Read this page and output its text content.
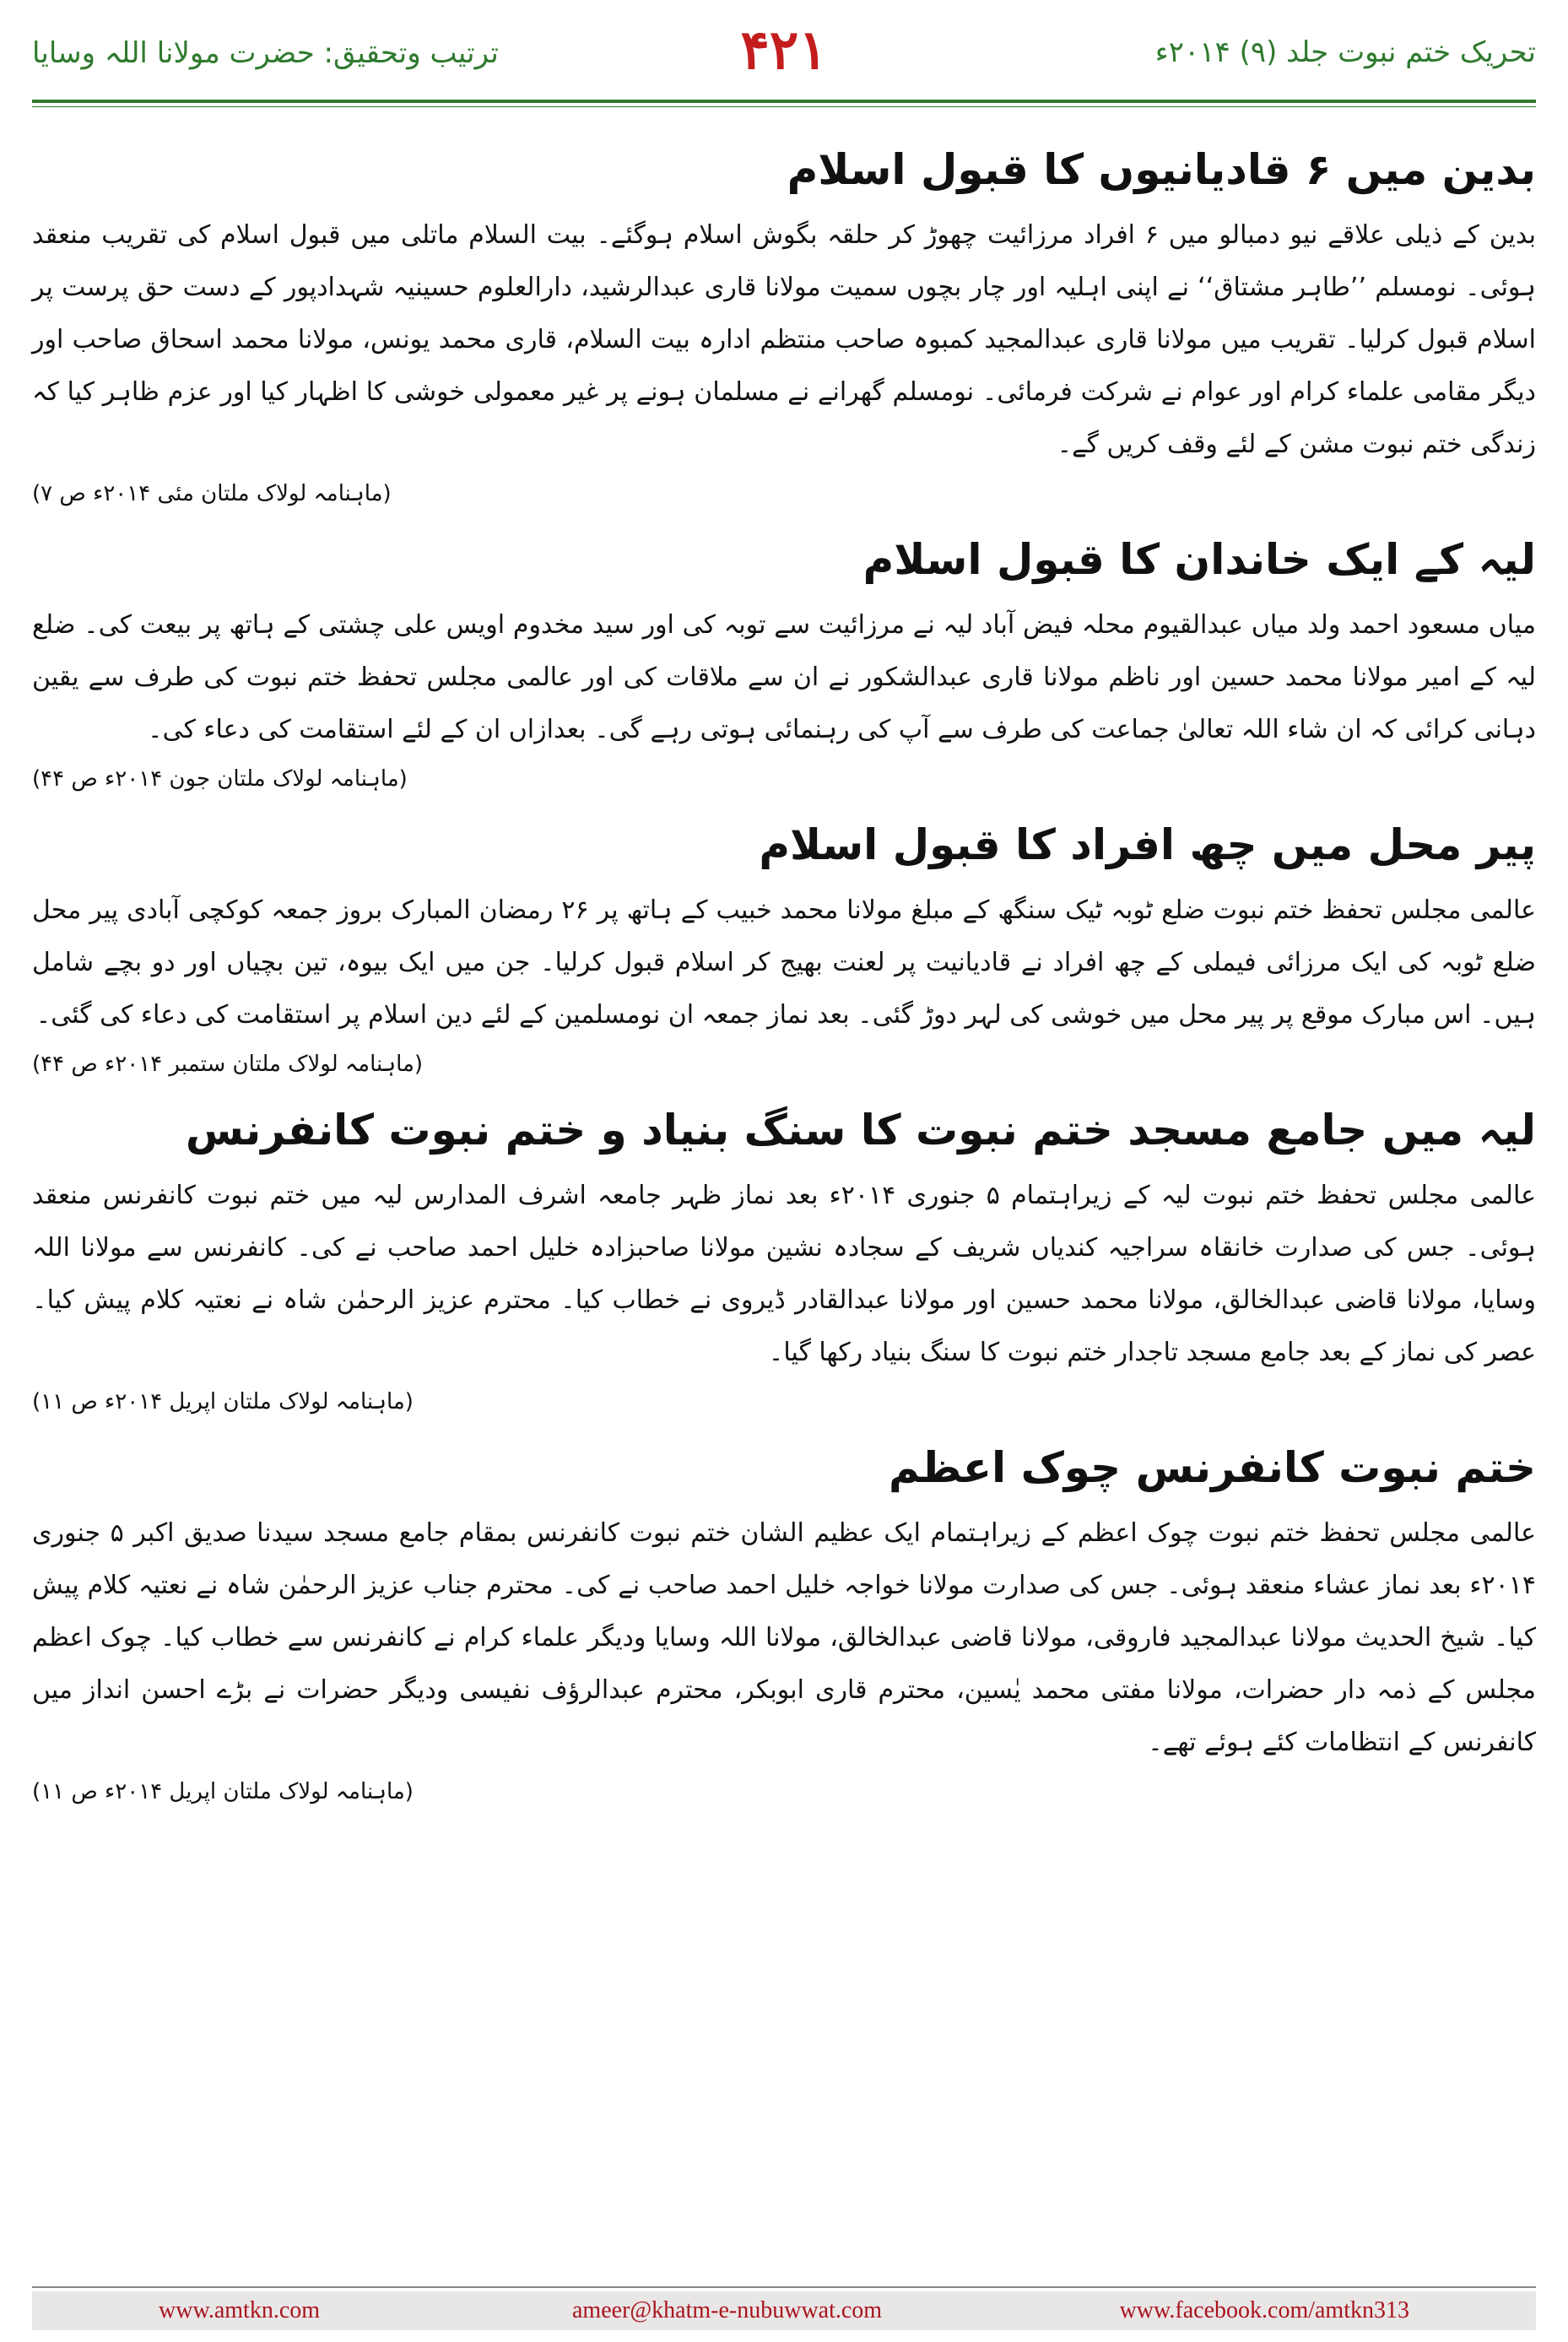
تحریک ختم نبوت جلد (۹) ۲۰۱۴ء
۴۲۱
ترتیب وتحقیق: حضرت مولانا اللہ وسایا
بدین میں ۶ قادیانیوں کا قبول اسلام

بدین کے ذیلی علاقے نیو دمبالو میں ۶ افراد مرزائیت چھوڑ کر حلقہ بگوش اسلام ہوگئے۔ بیت السلام ماتلی میں قبول اسلام کی تقریب منعقد ہوئی۔ نومسلم ’’طاہر مشتاق‘‘ نے اپنی اہلیہ اور چار بچوں سمیت مولانا قاری عبدالرشید، دارالعلوم حسینیہ شہدادپور کے دست حق پرست پر اسلام قبول کرلیا۔ تقریب میں مولانا قاری عبدالمجید کمبوہ صاحب منتظم ادارہ بیت السلام، قاری محمد یونس، مولانا محمد اسحاق صاحب اور دیگر مقامی علماء کرام اور عوام نے شرکت فرمائی۔ نومسلم گھرانے نے مسلمان ہونے پر غیر معمولی خوشی کا اظہار کیا اور عزم ظاہر کیا کہ زندگی ختم نبوت مشن کے لئے وقف کریں گے۔

(ماہنامہ لولاک ملتان مئی ۲۰۱۴ء ص ۷)
لیہ کے ایک خاندان کا قبول اسلام

میاں مسعود احمد ولد میاں عبدالقیوم محلہ فیض آباد لیہ نے مرزائیت سے توبہ کی اور سید مخدوم اویس علی چشتی کے ہاتھ پر بیعت کی۔ ضلع لیہ کے امیر مولانا محمد حسین اور ناظم مولانا قاری عبدالشکور نے ان سے ملاقات کی اور عالمی مجلس تحفظ ختم نبوت کی طرف سے یقین دہانی کرائی کہ ان شاء اللہ تعالیٰ جماعت کی طرف سے آپ کی رہنمائی ہوتی رہے گی۔ بعدازاں ان کے لئے استقامت کی دعاء کی۔

(ماہنامہ لولاک ملتان جون ۲۰۱۴ء ص ۴۴)
پیر محل میں چھ افراد کا قبول اسلام

عالمی مجلس تحفظ ختم نبوت ضلع ٹوبہ ٹیک سنگھ کے مبلغ مولانا محمد خبیب کے ہاتھ پر ۲۶ رمضان المبارک بروز جمعہ کوکچی آبادی پیر محل ضلع ٹوبہ کی ایک مرزائی فیملی کے چھ افراد نے قادیانیت پر لعنت بھیج کر اسلام قبول کرلیا۔ جن میں ایک بیوہ، تین بچیاں اور دو بچے شامل ہیں۔ اس مبارک موقع پر پیر محل میں خوشی کی لہر دوڑ گئی۔ بعد نماز جمعہ ان نومسلمین کے لئے دین اسلام پر استقامت کی دعاء کی گئی۔

(ماہنامہ لولاک ملتان ستمبر ۲۰۱۴ء ص ۴۴)
لیہ میں جامع مسجد ختم نبوت کا سنگ بنیاد و ختم نبوت کانفرنس

عالمی مجلس تحفظ ختم نبوت لیہ کے زیراہتمام ۵ جنوری ۲۰۱۴ء بعد نماز ظہر جامعہ اشرف المدارس لیہ میں ختم نبوت کانفرنس منعقد ہوئی۔ جس کی صدارت خانقاہ سراجیہ کندیاں شریف کے سجادہ نشین مولانا صاحبزادہ خلیل احمد صاحب نے کی۔ کانفرنس سے مولانا اللہ وسایا، مولانا قاضی عبدالخالق، مولانا محمد حسین اور مولانا عبدالقادر ڈیروی نے خطاب کیا۔ محترم عزیز الرحمٰن شاہ نے نعتیہ کلام پیش کیا۔ عصر کی نماز کے بعد جامع مسجد تاجدار ختم نبوت کا سنگ بنیاد رکھا گیا۔

(ماہنامہ لولاک ملتان اپریل ۲۰۱۴ء ص ۱۱)
ختم نبوت کانفرنس چوک اعظم

عالمی مجلس تحفظ ختم نبوت چوک اعظم کے زیراہتمام ایک عظیم الشان ختم نبوت کانفرنس بمقام جامع مسجد سیدنا صدیق اکبر ۵ جنوری ۲۰۱۴ء بعد نماز عشاء منعقد ہوئی۔ جس کی صدارت مولانا خواجہ خلیل احمد صاحب نے کی۔ محترم جناب عزیز الرحمٰن شاہ نے نعتیہ کلام پیش کیا۔ شیخ الحدیث مولانا عبدالمجید فاروقی، مولانا قاضی عبدالخالق، مولانا اللہ وسایا ودیگر علماء کرام نے کانفرنس سے خطاب کیا۔ چوک اعظم مجلس کے ذمہ دار حضرات، مولانا مفتی محمد یٰسین، محترم قاری ابوبکر، محترم عبدالرؤف نفیسی ودیگر حضرات نے بڑے احسن انداز میں کانفرنس کے انتظامات کئے ہوئے تھے۔

(ماہنامہ لولاک ملتان اپریل ۲۰۱۴ء ص ۱۱)
www.amtkn.com	ameer@khatm-e-nubuwwat.com	www.facebook.com/amtkn313
